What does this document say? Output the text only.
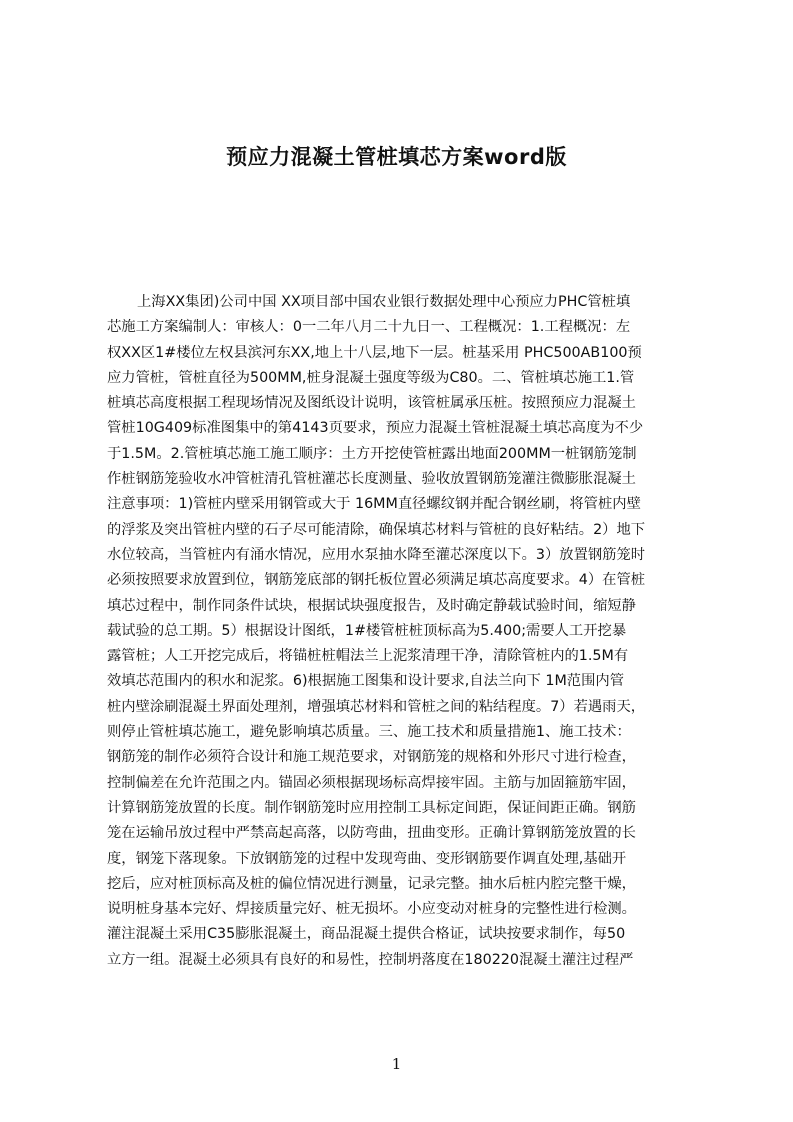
预应力混凝土管桩填芯方案word版
上海XX集团)公司中国 XX项目部中国农业银行数据处理中心预应力PHC管桩填
芯施工方案编制人：审核人：0一二年八月二十九日一、工程概况：1.工程概况：左
权XX区1#楼位左权县滨河东XX,地上十八层,地下一层。桩基采用 PHC500AB100预
应力管桩，管桩直径为500MM,桩身混凝土强度等级为C80。二、管桩填芯施工1.管
桩填芯高度根据工程现场情况及图纸设计说明，该管桩属承压桩。按照预应力混凝土
管桩10G409标准图集中的第4143页要求，预应力混凝土管桩混凝土填芯高度为不少
于1.5M。2.管桩填芯施工施工顺序：土方开挖使管桩露出地面200MM一桩钢筋笼制
作桩钢筋笼验收水冲管桩清孔管桩灌芯长度测量、验收放置钢筋笼灌注微膨胀混凝土
注意事项：1)管桩内壁采用钢管或大于 16MM直径螺纹钢并配合钢丝刷，将管桩内壁
的浮浆及突出管桩内壁的石子尽可能清除，确保填芯材料与管桩的良好粘结。2）地下
水位较高，当管桩内有涌水情况，应用水泵抽水降至灌芯深度以下。3）放置钢筋笼时
必须按照要求放置到位，钢筋笼底部的钢托板位置必须满足填芯高度要求。4）在管桩
填芯过程中，制作同条件试块，根据试块强度报告，及时确定静载试验时间，缩短静
载试验的总工期。5）根据设计图纸，1#楼管桩桩顶标高为5.400;需要人工开挖暴
露管桩；人工开挖完成后，将锚桩桩帽法兰上泥浆清理干净，清除管桩内的1.5M有
效填芯范围内的积水和泥浆。6)根据施工图集和设计要求,自法兰向下 1M范围内管
桩内壁涂刷混凝土界面处理剂，增强填芯材料和管桩之间的粘结程度。7）若遇雨天，
则停止管桩填芯施工，避免影响填芯质量。三、施工技术和质量措施1、施工技术：
钢筋笼的制作必须符合设计和施工规范要求，对钢筋笼的规格和外形尺寸进行检查，
控制偏差在允许范围之内。锚固必须根据现场标高焊接牢固。主筋与加固箍筋牢固，
计算钢筋笼放置的长度。制作钢筋笼时应用控制工具标定间距，保证间距正确。钢筋
笼在运输吊放过程中严禁高起高落，以防弯曲，扭曲变形。正确计算钢筋笼放置的长
度，钢笼下落现象。下放钢筋笼的过程中发现弯曲、变形钢筋要作调直处理,基础开
挖后，应对桩顶标高及桩的偏位情况进行测量，记录完整。抽水后桩内腔完整干燥，
说明桩身基本完好、焊接质量完好、桩无损坏。小应变动对桩身的完整性进行检测。
灌注混凝土采用C35膨胀混凝土，商品混凝土提供合格证，试块按要求制作，每50
立方一组。混凝土必须具有良好的和易性，控制坍落度在180220混凝土灌注过程严
1
